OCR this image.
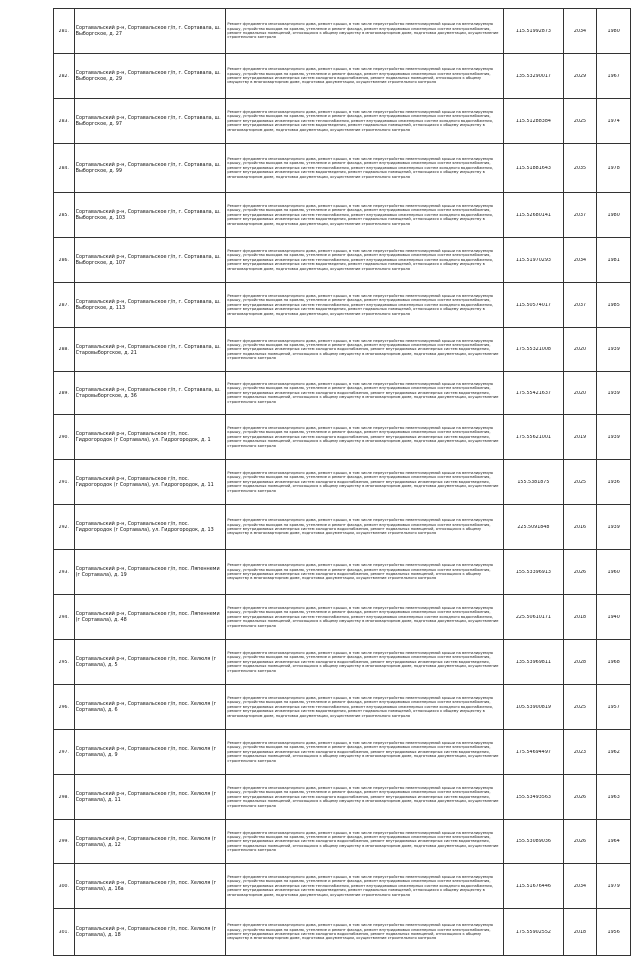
281.	Сортавальский р-н, Сортавальское г/п, г. Сортавала, ш. Выборгское, д. 27	Ремонт фундамента многоквартирного дома, ремонт крыши, в том числе переустройство невентилируемой крыши на вентилируемую крышу, устройство выходов на кровлю, утепление и ремонт фасада, ремонт внутридомовых инженерных систем электроснабжения, ремонт подвальных помещений, относящихся к общему имуществу в многоквартирном доме, подготовка документации, осуществление строительного контроля	115.51992873	2034	1980

282.	Сортавальский р-н, Сортавальское г/п, г. Сортавала, ш. Выборгское, д. 29	Ремонт фундамента многоквартирного дома, ремонт крыши, в том числе переустройство невентилируемой крыши на вентилируемую крышу, устройство выходов на кровлю, утепление и ремонт фасада, ремонт внутридомовых инженерных систем электроснабжения, ремонт внутридомовых инженерных систем холодного водоснабжения, ремонт подвальных помещений, относящихся к общему имуществу в многоквартирном доме, подготовка документации, осуществление строительного контроля	135.53290017	2029	1967

283.	Сортавальский р-н, Сортавальское г/п, г. Сортавала, ш. Выборгское, д. 97	Ремонт фундамента многоквартирного дома, ремонт крыши, в том числе переустройство невентилируемой крыши на вентилируемую крышу, устройство выходов на кровлю, утепление и ремонт фасада, ремонт внутридомовых инженерных систем электроснабжения, ремонт внутридомовых инженерных систем теплоснабжения, ремонт внутридомовых инженерных систем холодного водоснабжения, ремонт внутридомовых инженерных систем водоотведения, ремонт подвальных помещений, относящихся к общему имуществу в многоквартирном доме, подготовка документации, осуществление строительного контроля	115.51288384	2025	1974

284.	Сортавальский р-н, Сортавальское г/п, г. Сортавала, ш. Выборгское, д. 99	Ремонт фундамента многоквартирного дома, ремонт крыши, в том числе переустройство невентилируемой крыши на вентилируемую крышу, устройство выходов на кровлю, утепление и ремонт фасада, ремонт внутридомовых инженерных систем электроснабжения, ремонт внутридомовых инженерных систем теплоснабжения, ремонт внутридомовых инженерных систем холодного водоснабжения, ремонт внутридомовых инженерных систем водоотведения, ремонт подвальных помещений, относящихся к общему имуществу в многоквартирном доме, подготовка документации, осуществление строительного контроля	115.51881643	2035	1978

285.	Сортавальский р-н, Сортавальское г/п, г. Сортавала, ш. Выборгское, д. 103	Ремонт фундамента многоквартирного дома, ремонт крыши, в том числе переустройство невентилируемой крыши на вентилируемую крышу, устройство выходов на кровлю, утепление и ремонт фасада, ремонт внутридомовых инженерных систем электроснабжения, ремонт внутридомовых инженерных систем теплоснабжения, ремонт внутридомовых инженерных систем холодного водоснабжения, ремонт внутридомовых инженерных систем водоотведения, ремонт подвальных помещений, относящихся к общему имуществу в многоквартирном доме, подготовка документации, осуществление строительного контроля	115.52680141	2037	1980

286.	Сортавальский р-н, Сортавальское г/п, г. Сортавала, ш. Выборгское, д. 107	Ремонт фундамента многоквартирного дома, ремонт крыши, в том числе переустройство невентилируемой крыши на вентилируемую крышу, устройство выходов на кровлю, утепление и ремонт фасада, ремонт внутридомовых инженерных систем электроснабжения, ремонт внутридомовых инженерных систем теплоснабжения, ремонт внутридомовых инженерных систем холодного водоснабжения, ремонт внутридомовых инженерных систем водоотведения, ремонт подвальных помещений, относящихся к общему имуществу в многоквартирном доме, подготовка документации, осуществление строительного контроля	115.51970293	2034	1981

287.	Сортавальский р-н, Сортавальское г/п, г. Сортавала, ш. Выборгское, д. 113	Ремонт фундамента многоквартирного дома, ремонт крыши, в том числе переустройство невентилируемой крыши на вентилируемую крышу, устройство выходов на кровлю, утепление и ремонт фасада, ремонт внутридомовых инженерных систем электроснабжения, ремонт внутридомовых инженерных систем теплоснабжения, ремонт внутридомовых инженерных систем холодного водоснабжения, ремонт внутридомовых инженерных систем водоотведения, ремонт подвальных помещений, относящихся к общему имуществу в многоквартирном доме, подготовка документации, осуществление строительного контроля	115.50574017	2037	1985

288.	Сортавальский р-н, Сортавальское г/п, г. Сортавала, ш. Старовыборгское, д. 21	Ремонт фундамента многоквартирного дома, ремонт крыши, в том числе переустройство невентилируемой крыши на вентилируемую крышу, устройство выходов на кровлю, утепление и ремонт фасада, ремонт внутридомовых инженерных систем электроснабжения, ремонт внутридомовых инженерных систем холодного водоснабжения, ремонт внутридомовых инженерных систем водоотведения, ремонт подвальных помещений, относящихся к общему имуществу в многоквартирном доме, подготовка документации, осуществление строительного контроля	175.55321008	2020	1939

289.	Сортавальский р-н, Сортавальское г/п, г. Сортавала, ш. Старовыборгское, д. 36	Ремонт фундамента многоквартирного дома, ремонт крыши, в том числе переустройство невентилируемой крыши на вентилируемую крышу, устройство выходов на кровлю, утепление и ремонт фасада, ремонт внутридомовых инженерных систем электроснабжения, ремонт внутридомовых инженерных систем холодного водоснабжения, ремонт внутридомовых инженерных систем водоотведения, ремонт подвальных помещений, относящихся к общему имуществу в многоквартирном доме, подготовка документации, осуществление строительного контроля	175.55421637	2020	1939

290.	Сортавальский р-н, Сортавальское г/п, пос. Гидрогородок (г Сортавала), ул. Гидрогородок, д. 1	Ремонт фундамента многоквартирного дома, ремонт крыши, в том числе переустройство невентилируемой крыши на вентилируемую крышу, устройство выходов на кровлю, утепление и ремонт фасада, ремонт внутридомовых инженерных систем электроснабжения, ремонт внутридомовых инженерных систем холодного водоснабжения, ремонт внутридомовых инженерных систем водоотведения, ремонт подвальных помещений, относящихся к общему имуществу в многоквартирном доме, подготовка документации, осуществление строительного контроля	175.55621001	2019	1939

291.	Сортавальский р-н, Сортавальское г/п, пос. Гидрогородок (г Сортавала), ул. Гидрогородок, д. 11	Ремонт фундамента многоквартирного дома, ремонт крыши, в том числе переустройство невентилируемой крыши на вентилируемую крышу, устройство выходов на кровлю, утепление и ремонт фасада, ремонт внутридомовых инженерных систем электроснабжения, ремонт внутридомовых инженерных систем холодного водоснабжения, ремонт внутридомовых инженерных систем водоотведения, ремонт подвальных помещений, относящихся к общему имуществу в многоквартирном доме, подготовка документации, осуществление строительного контроля	155.5381875	2025	1936

292.	Сортавальский р-н, Сортавальское г/п, пос. Гидрогородок (г Сортавала), ул. Гидрогородок, д. 13	Ремонт фундамента многоквартирного дома, ремонт крыши, в том числе переустройство невентилируемой крыши на вентилируемую крышу, устройство выходов на кровлю, утепление и ремонт фасада, ремонт внутридомовых инженерных систем электроснабжения, ремонт внутридомовых инженерных систем холодного водоснабжения, ремонт подвальных помещений, относящихся к общему имуществу в многоквартирном доме, подготовка документации, осуществление строительного контроля	225.5091848	2016	1939

293.	Сортавальский р-н, Сортавальское г/п, пос. Ляпеннеми (г Сортавала), д. 19	Ремонт фундамента многоквартирного дома, ремонт крыши, в том числе переустройство невентилируемой крыши на вентилируемую крышу, устройство выходов на кровлю, утепление и ремонт фасада, ремонт внутридомовых инженерных систем электроснабжения, ремонт внутридомовых инженерных систем холодного водоснабжения, ремонт подвальных помещений, относящихся к общему имуществу в многоквартирном доме, подготовка документации, осуществление строительного контроля	155.53396913	2026	1960

294.	Сортавальский р-н, Сортавальское г/п, пос. Ляпеннеми (г Сортавала), д. 48	Ремонт фундамента многоквартирного дома, ремонт крыши, в том числе переустройство невентилируемой крыши на вентилируемую крышу, устройство выходов на кровлю, утепление и ремонт фасада, ремонт внутридомовых инженерных систем электроснабжения, ремонт внутридомовых инженерных систем теплоснабжения, ремонт внутридомовых инженерных систем холодного водоснабжения, ремонт подвальных помещений, относящихся к общему имуществу в многоквартирном доме, подготовка документации, осуществление строительного контроля	225.50610171	2018	1940

295.	Сортавальский р-н, Сортавальское г/п, пос. Хелюля (г Сортавала), д. 5	Ремонт фундамента многоквартирного дома, ремонт крыши, в том числе переустройство невентилируемой крыши на вентилируемую крышу, устройство выходов на кровлю, утепление и ремонт фасада, ремонт внутридомовых инженерных систем электроснабжения, ремонт внутридомовых инженерных систем холодного водоснабжения, ремонт внутридомовых инженерных систем водоотведения, ремонт подвальных помещений, относящихся к общему имуществу в многоквартирном доме, подготовка документации, осуществление строительного контроля	135.53969811	2028	1968

296.	Сортавальский р-н, Сортавальское г/п, пос. Хелюля (г Сортавала), д. 6	Ремонт фундамента многоквартирного дома, ремонт крыши, в том числе переустройство невентилируемой крыши на вентилируемую крышу, устройство выходов на кровлю, утепление и ремонт фасада, ремонт внутридомовых инженерных систем электроснабжения, ремонт внутридомовых инженерных систем теплоснабжения, ремонт внутридомовых инженерных систем холодного водоснабжения, ремонт внутридомовых инженерных систем водоотведения, ремонт подвальных помещений, относящихся к общему имуществу в многоквартирном доме, подготовка документации, осуществление строительного контроля	105.53900819	2025	1957

297.	Сортавальский р-н, Сортавальское г/п, пос. Хелюля (г Сортавала), д. 9	Ремонт фундамента многоквартирного дома, ремонт крыши, в том числе переустройство невентилируемой крыши на вентилируемую крышу, устройство выходов на кровлю, утепление и ремонт фасада, ремонт внутридомовых инженерных систем электроснабжения, ремонт внутридомовых инженерных систем холодного водоснабжения, ремонт внутридомовых инженерных систем водоотведения, ремонт подвальных помещений, относящихся к общему имуществу в многоквартирном доме, подготовка документации, осуществление строительного контроля	175.54694497	2023	1962

298.	Сортавальский р-н, Сортавальское г/п, пос. Хелюля (г Сортавала), д. 11	Ремонт фундамента многоквартирного дома, ремонт крыши, в том числе переустройство невентилируемой крыши на вентилируемую крышу, устройство выходов на кровлю, утепление и ремонт фасада, ремонт внутридомовых инженерных систем электроснабжения, ремонт внутридомовых инженерных систем холодного водоснабжения, ремонт внутридомовых инженерных систем водоотведения, ремонт подвальных помещений, относящихся к общему имуществу в многоквартирном доме, подготовка документации, осуществление строительного контроля	155.53493563	2026	1963

299.	Сортавальский р-н, Сортавальское г/п, пос. Хелюля (г Сортавала), д. 12	Ремонт фундамента многоквартирного дома, ремонт крыши, в том числе переустройство невентилируемой крыши на вентилируемую крышу, устройство выходов на кровлю, утепление и ремонт фасада, ремонт внутридомовых инженерных систем электроснабжения, ремонт внутридомовых инженерных систем холодного водоснабжения, ремонт внутридомовых инженерных систем водоотведения, ремонт подвальных помещений, относящихся к общему имуществу в многоквартирном доме, подготовка документации, осуществление строительного контроля	155.53089036	2026	1964

300.	Сортавальский р-н, Сортавальское г/п, пос. Хелюля (г Сортавала), д. 16а	Ремонт фундамента многоквартирного дома, ремонт крыши, в том числе переустройство невентилируемой крыши на вентилируемую крышу, устройство выходов на кровлю, утепление и ремонт фасада, ремонт внутридомовых инженерных систем электроснабжения, ремонт внутридомовых инженерных систем теплоснабжения, ремонт внутридомовых инженерных систем холодного водоснабжения, ремонт внутридомовых инженерных систем водоотведения, ремонт подвальных помещений, относящихся к общему имуществу в многоквартирном доме, подготовка документации, осуществление строительного контроля	115.51676446	2034	1979

301.	Сортавальский р-н, Сортавальское г/п, пос. Хелюля (г Сортавала), д. 18	Ремонт фундамента многоквартирного дома, ремонт крыши, в том числе переустройство невентилируемой крыши на вентилируемую крышу, устройство выходов на кровлю, утепление и ремонт фасада, ремонт внутридомовых инженерных систем электроснабжения, ремонт внутридомовых инженерных систем холодного водоснабжения, ремонт подвальных помещений, относящихся к общему имуществу в многоквартирном доме, подготовка документации, осуществление строительного контроля	175.55902552	2018	1956
